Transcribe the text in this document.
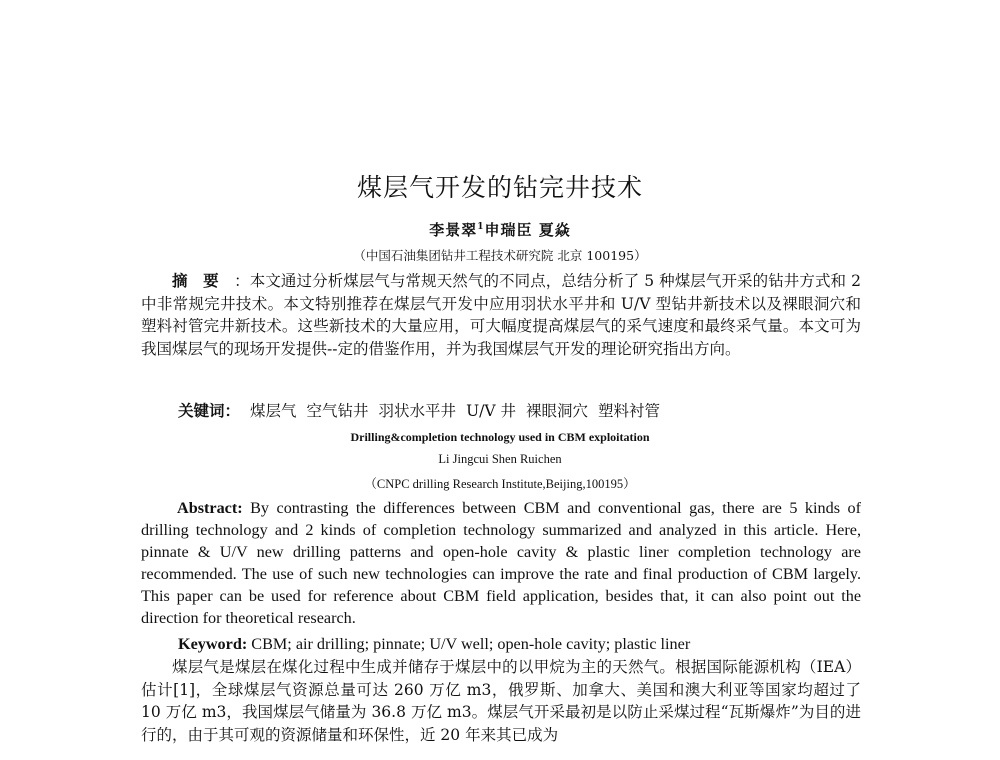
煤层气开发的钻完井技术
李景翠$^1$申瑞臣 夏焱
（中国石油集团钻井工程技术研究院 北京 100195）
摘要：本文通过分析煤层气与常规天然气的不同点，总结分析了 5 种煤层气开采的钻井方式和 2 中非常规完井技术。本文特别推荐在煤层气开发中应用羽状水平井和 U/V 型钻井新技术以及裸眼洞穴和塑料衬管完井新技术。这些新技术的大量应用，可大幅度提高煤层气的采气速度和最终采气量。本文可为我国煤层气的现场开发提供--定的借鉴作用，并为我国煤层气开发的理论研究指出方向。
关键词： 煤层气 空气钻井 羽状水平井 U/V 井 裸眼洞穴 塑料衬管
Drilling&completion technology used in CBM exploitation
Li Jingcui Shen Ruichen
（CNPC drilling Research Institute,Beijing,100195）
Abstract: By contrasting the differences between CBM and conventional gas, there are 5 kinds of drilling technology and 2 kinds of completion technology summarized and analyzed in this article. Here, pinnate & U/V new drilling patterns and open-hole cavity & plastic liner completion technology are recommended. The use of such new technologies can improve the rate and final production of CBM largely. This paper can be used for reference about CBM field application, besides that, it can also point out the direction for theoretical research.
Keyword: CBM; air drilling; pinnate; U/V well; open-hole cavity; plastic liner
煤层气是煤层在煤化过程中生成并储存于煤层中的以甲烷为主的天然气。根据国际能源机构（IEA）估计[1]，全球煤层气资源总量可达 260 万亿 m3，俄罗斯、加拿大、美国和澳大利亚等国家均超过了 10 万亿 m3，我国煤层气储量为 36.8 万亿 m3。煤层气开采最初是以防止采煤过程“瓦斯爆炸”为目的进行的，由于其可观的资源储量和环保性，近 20 年来其已成为
